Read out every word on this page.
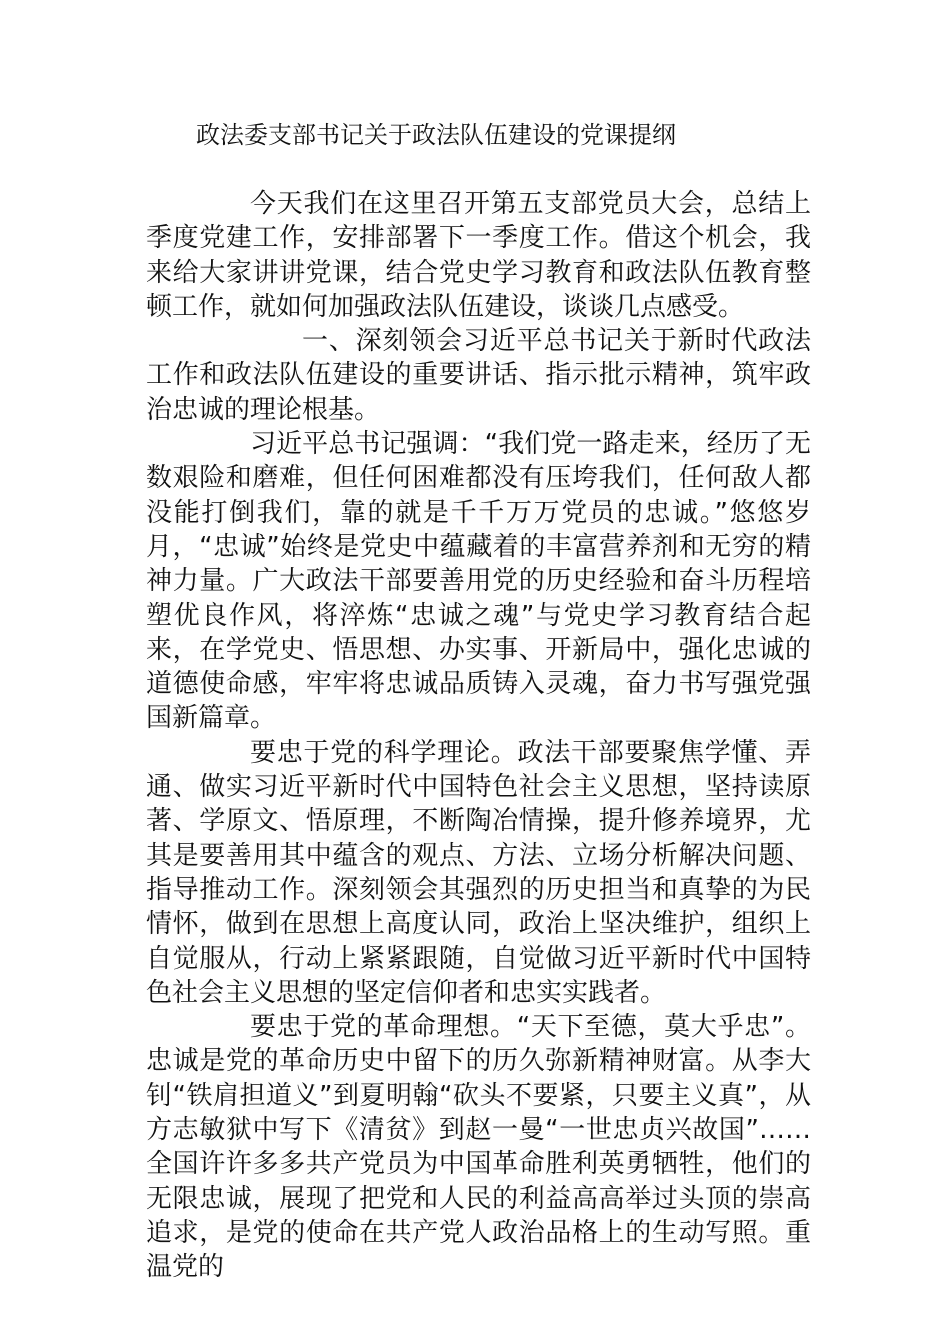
政法委支部书记关于政法队伍建设的党课提纲

今天我们在这里召开第五支部党员大会，总结上季度党建工作，安排部署下一季度工作。借这个机会，我来给大家讲讲党课，结合党史学习教育和政法队伍教育整顿工作，就如何加强政法队伍建设，谈谈几点感受。

一、深刻领会习近平总书记关于新时代政法工作和政法队伍建设的重要讲话、指示批示精神，筑牢政治忠诚的理论根基。

习近平总书记强调：“我们党一路走来，经历了无数艰险和磨难，但任何困难都没有压垮我们，任何敌人都没能打倒我们，靠的就是千千万万党员的忠诚。”悠悠岁月，“忠诚”始终是党史中蕴藏着的丰富营养剂和无穷的精神力量。广大政法干部要善用党的历史经验和奋斗历程培塑优良作风，将淬炼“忠诚之魂”与党史学习教育结合起来，在学党史、悟思想、办实事、开新局中，强化忠诚的道德使命感，牢牢将忠诚品质铸入灵魂，奋力书写强党强国新篇章。

要忠于党的科学理论。政法干部要聚焦学懂、弄通、做实习近平新时代中国特色社会主义思想，坚持读原著、学原文、悟原理，不断陶冶情操，提升修养境界，尤其是要善用其中蕴含的观点、方法、立场分析解决问题、指导推动工作。深刻领会其强烈的历史担当和真挚的为民情怀，做到在思想上高度认同，政治上坚决维护，组织上自觉服从，行动上紧紧跟随，自觉做习近平新时代中国特色社会主义思想的坚定信仰者和忠实实践者。

要忠于党的革命理想。“天下至德，莫大乎忠”。忠诚是党的革命历史中留下的历久弥新精神财富。从李大钊“铁肩担道义”到夏明翰“砍头不要紧，只要主义真”，从方志敏狱中写下《清贫》到赵一曼“一世忠贞兴故国”……全国许许多多共产党员为中国革命胜利英勇牺牲，他们的无限忠诚，展现了把党和人民的利益高高举过头顶的崇高追求，是党的使命在共产党人政治品格上的生动写照。重温党的
